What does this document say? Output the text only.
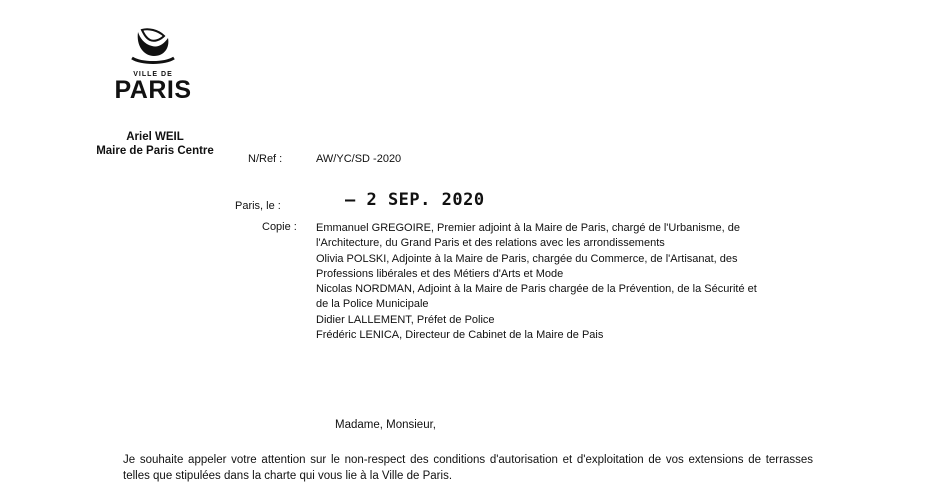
VILLE DE
PARIS
Ariel WEIL
Maire de Paris Centre
N/Ref :	AW/YC/SD -2020
Paris, le :	– 2 SEP. 2020
Copie : Emmanuel GREGOIRE, Premier adjoint à la Maire de Paris, chargé de l'Urbanisme, de
l'Architecture, du Grand Paris et des relations avec les arrondissements
Olivia POLSKI, Adjointe à la Maire de Paris, chargée du Commerce, de l'Artisanat, des
Professions libérales et des Métiers d'Arts et Mode
Nicolas NORDMAN, Adjoint à la Maire de Paris chargée de la Prévention, de la Sécurité et
de la Police Municipale
Didier LALLEMENT, Préfet de Police
Frédéric LENICA, Directeur de Cabinet de la Maire de Pais
Madame, Monsieur,
Je souhaite appeler votre attention sur le non-respect des conditions d'autorisation et d'exploitation de vos extensions de terrasses telles que stipulées dans la charte qui vous lie à la Ville de Paris.
